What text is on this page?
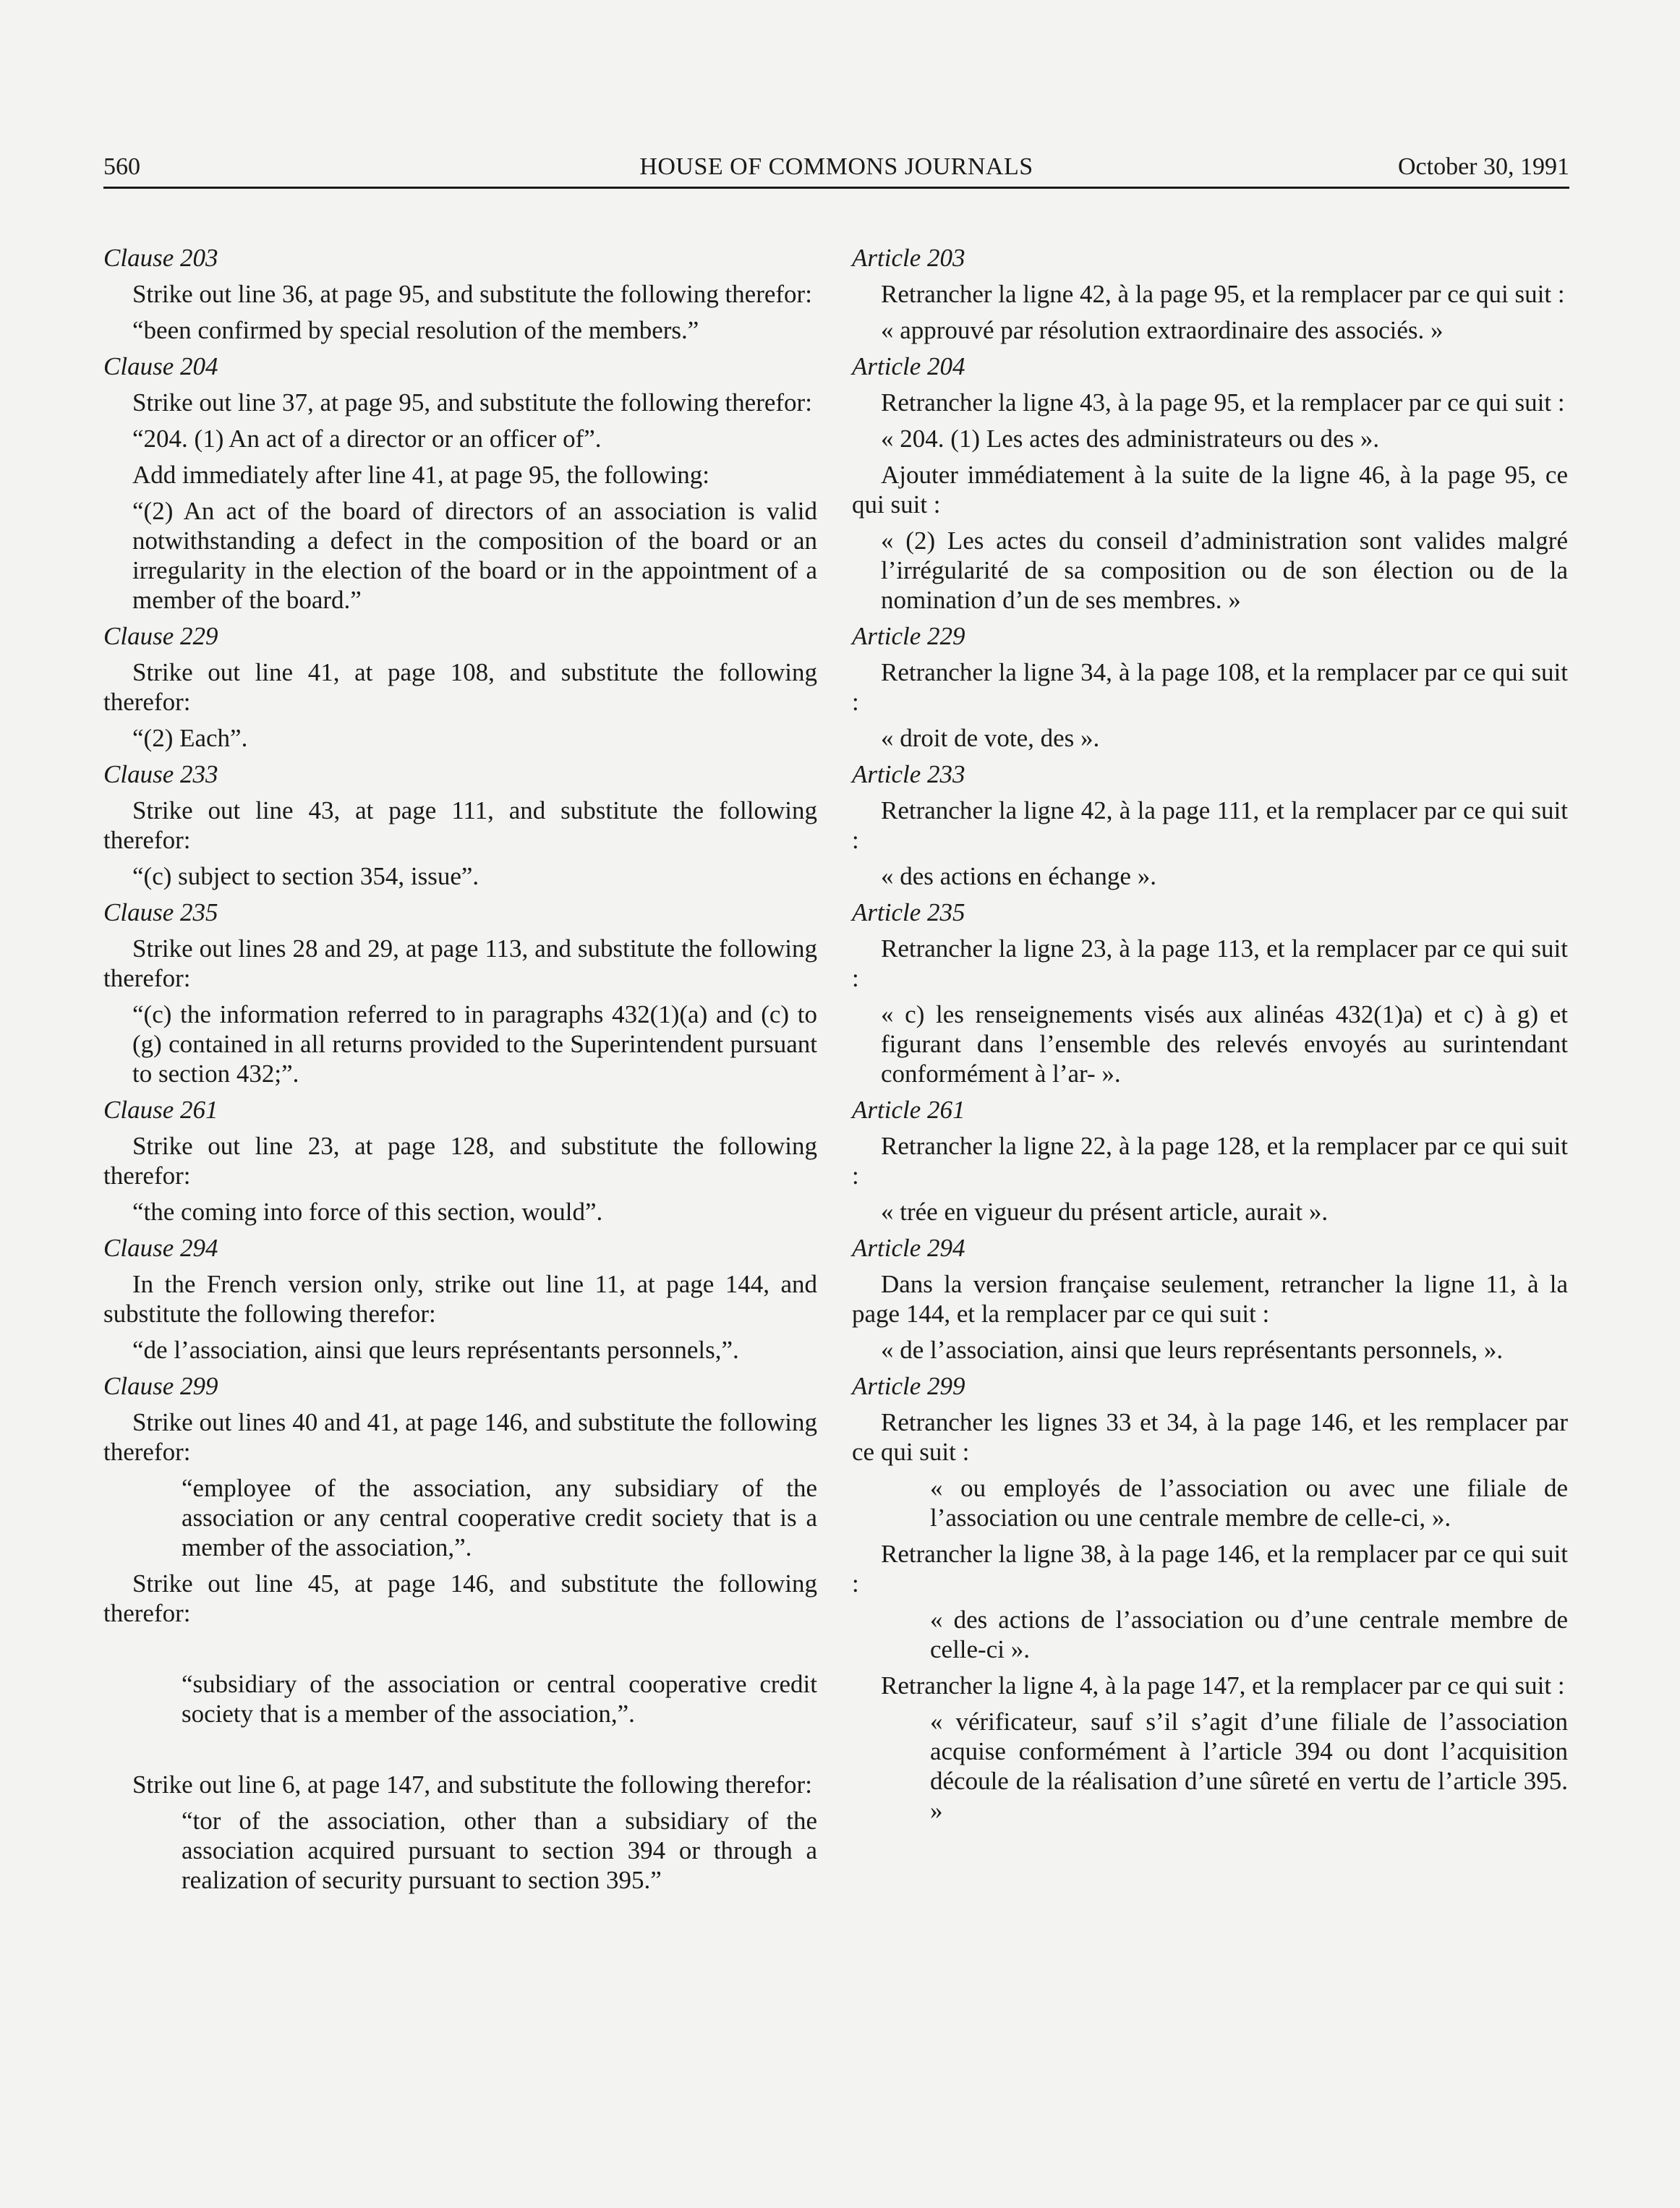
560	HOUSE OF COMMONS JOURNALS	October 30, 1991
Clause 203
Strike out line 36, at page 95, and substitute the following therefor:
“been confirmed by special resolution of the members.”
Clause 204
Strike out line 37, at page 95, and substitute the following therefor:
“204. (1) An act of a director or an officer of”.
Add immediately after line 41, at page 95, the following:
“(2) An act of the board of directors of an association is valid notwithstanding a defect in the composition of the board or an irregularity in the election of the board or in the appointment of a member of the board.”
Clause 229
Strike out line 41, at page 108, and substitute the following therefor:
“(2) Each”.
Clause 233
Strike out line 43, at page 111, and substitute the following therefor:
“(c) subject to section 354, issue”.
Clause 235
Strike out lines 28 and 29, at page 113, and substitute the following therefor:
“(c) the information referred to in paragraphs 432(1)(a) and (c) to (g) contained in all returns provided to the Superintendent pursuant to section 432;”.
Clause 261
Strike out line 23, at page 128, and substitute the following therefor:
“the coming into force of this section, would”.
Clause 294
In the French version only, strike out line 11, at page 144, and substitute the following therefor:
“de l’association, ainsi que leurs représentants personnels,”.
Clause 299
Strike out lines 40 and 41, at page 146, and substitute the following therefor:
“employee of the association, any subsidiary of the association or any central cooperative credit society that is a member of the association,”.
Strike out line 45, at page 146, and substitute the following therefor:
“subsidiary of the association or central cooperative credit society that is a member of the association,”.
Strike out line 6, at page 147, and substitute the following therefor:
“tor of the association, other than a subsidiary of the association acquired pursuant to section 394 or through a realization of security pursuant to section 395.”
Article 203
Retrancher la ligne 42, à la page 95, et la remplacer par ce qui suit :
« approuvé par résolution extraordinaire des associés. »
Article 204
Retrancher la ligne 43, à la page 95, et la remplacer par ce qui suit :
« 204. (1) Les actes des administrateurs ou des ».
Ajouter immédiatement à la suite de la ligne 46, à la page 95, ce qui suit :
« (2) Les actes du conseil d’administration sont valides malgré l’irrégularité de sa composition ou de son élection ou de la nomination d’un de ses membres. »
Article 229
Retrancher la ligne 34, à la page 108, et la remplacer par ce qui suit :
« droit de vote, des ».
Article 233
Retrancher la ligne 42, à la page 111, et la remplacer par ce qui suit :
« des actions en échange ».
Article 235
Retrancher la ligne 23, à la page 113, et la remplacer par ce qui suit :
« c) les renseignements visés aux alinéas 432(1)a) et c) à g) et figurant dans l’ensemble des relevés envoyés au surintendant conformément à l’ar- ».
Article 261
Retrancher la ligne 22, à la page 128, et la remplacer par ce qui suit :
« trée en vigueur du présent article, aurait ».
Article 294
Dans la version française seulement, retrancher la ligne 11, à la page 144, et la remplacer par ce qui suit :
« de l’association, ainsi que leurs représentants personnels, ».
Article 299
Retrancher les lignes 33 et 34, à la page 146, et les remplacer par ce qui suit :
« ou employés de l’association ou avec une filiale de l’association ou une centrale membre de celle-ci, ».
Retrancher la ligne 38, à la page 146, et la remplacer par ce qui suit :
« des actions de l’association ou d’une centrale membre de celle-ci ».
Retrancher la ligne 4, à la page 147, et la remplacer par ce qui suit :
« vérificateur, sauf s’il s’agit d’une filiale de l’association acquise conformément à l’article 394 ou dont l’acquisition découle de la réalisation d’une sûreté en vertu de l’article 395. »
